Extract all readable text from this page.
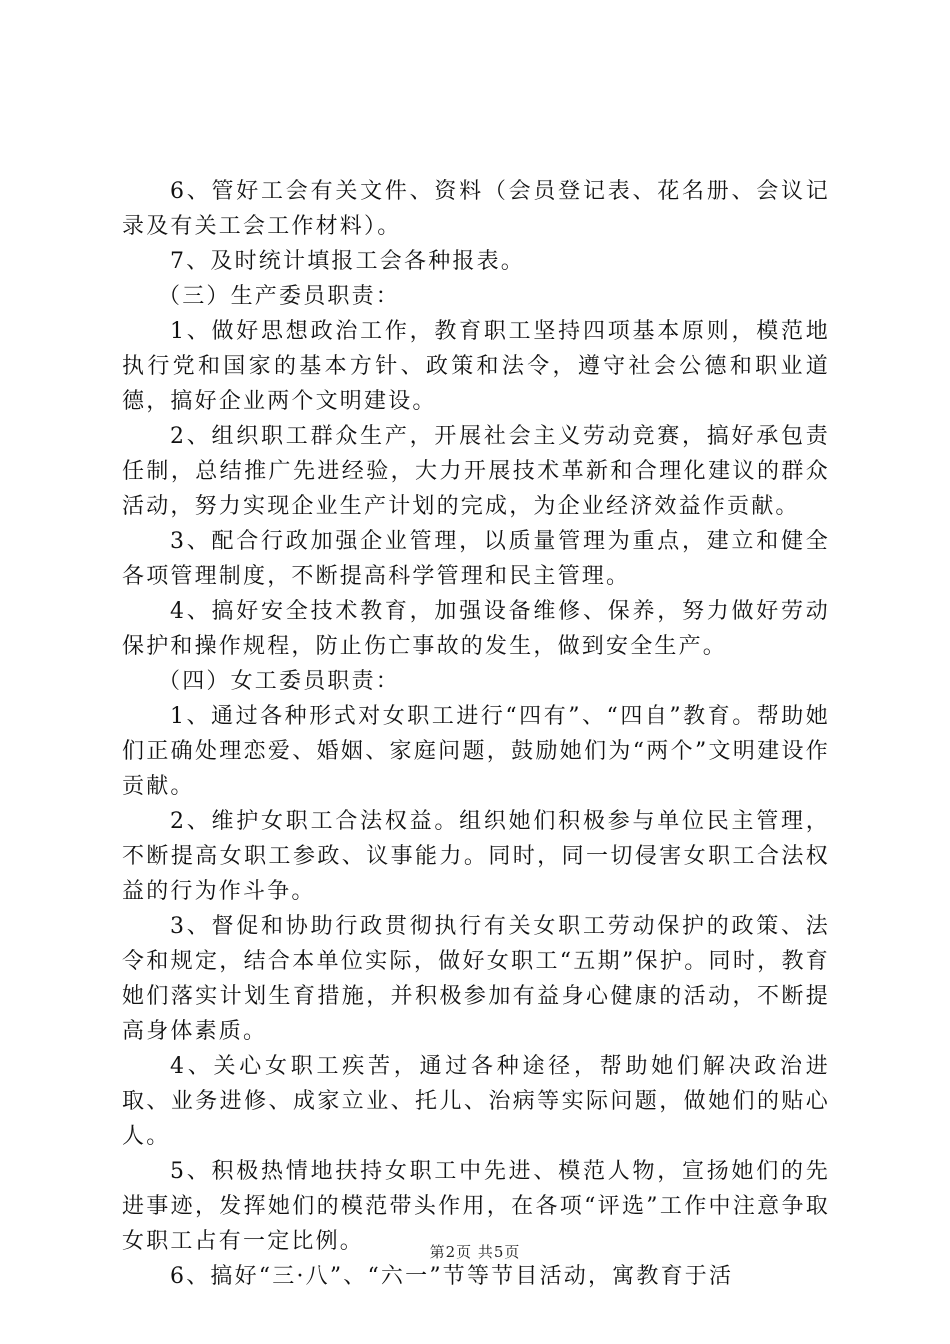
6、管好工会有关文件、资料（会员登记表、花名册、会议记录及有关工会工作材料）。

7、及时统计填报工会各种报表。

（三）生产委员职责：

1、做好思想政治工作，教育职工坚持四项基本原则，模范地执行党和国家的基本方针、政策和法令，遵守社会公德和职业道德，搞好企业两个文明建设。

2、组织职工群众生产，开展社会主义劳动竞赛，搞好承包责任制，总结推广先进经验，大力开展技术革新和合理化建议的群众活动，努力实现企业生产计划的完成，为企业经济效益作贡献。

3、配合行政加强企业管理，以质量管理为重点，建立和健全各项管理制度，不断提高科学管理和民主管理。

4、搞好安全技术教育，加强设备维修、保养，努力做好劳动保护和操作规程，防止伤亡事故的发生，做到安全生产。

（四）女工委员职责：

1、通过各种形式对女职工进行“四有”、“四自”教育。帮助她们正确处理恋爱、婚姻、家庭问题，鼓励她们为“两个”文明建设作贡献。

2、维护女职工合法权益。组织她们积极参与单位民主管理，不断提高女职工参政、议事能力。同时，同一切侵害女职工合法权益的行为作斗争。

3、督促和协助行政贯彻执行有关女职工劳动保护的政策、法令和规定，结合本单位实际，做好女职工“五期”保护。同时，教育她们落实计划生育措施，并积极参加有益身心健康的活动，不断提高身体素质。

4、关心女职工疾苦，通过各种途径，帮助她们解决政治进取、业务进修、成家立业、托儿、治病等实际问题，做她们的贴心人。

5、积极热情地扶持女职工中先进、模范人物，宣扬她们的先进事迹，发挥她们的模范带头作用，在各项“评选”工作中注意争取女职工占有一定比例。

6、搞好“三·八”、“六一”节等节目活动，寓教育于活

第2页 共5页
